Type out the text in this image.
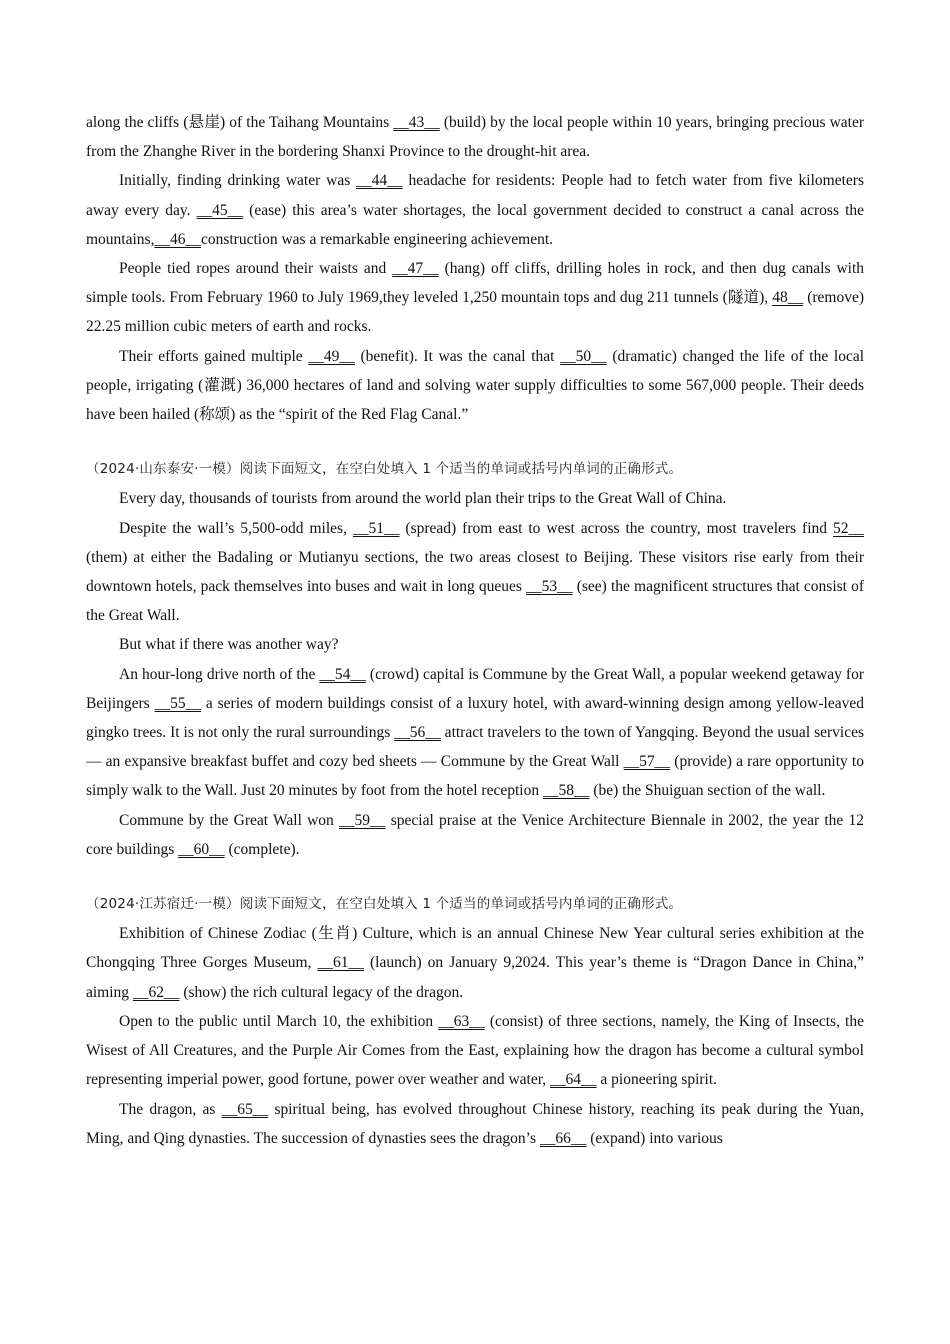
along the cliffs (悬崖) of the Taihang Mountains __43__ (build) by the local people within 10 years, bringing precious water from the Zhanghe River in the bordering Shanxi Province to the drought-hit area.

Initially, finding drinking water was __44__ headache for residents: People had to fetch water from five kilometers away every day. __45__ (ease) this area’s water shortages, the local government decided to construct a canal across the mountains,__46__construction was a remarkable engineering achievement.

People tied ropes around their waists and __47__ (hang) off cliffs, drilling holes in rock, and then dug canals with simple tools. From February 1960 to July 1969,they leveled 1,250 mountain tops and dug 211 tunnels (隧道), 48__ (remove) 22.25 million cubic meters of earth and rocks.

Their efforts gained multiple __49__ (benefit). It was the canal that __50__ (dramatic) changed the life of the local people, irrigating (灌溉) 36,000 hectares of land and solving water supply difficulties to some 567,000 people. Their deeds have been hailed (称颂) as the “spirit of the Red Flag Canal.”

（2024·山东泰安·一模）阅读下面短文，在空白处填入 1 个适当的单词或括号内单词的正确形式。

Every day, thousands of tourists from around the world plan their trips to the Great Wall of China.

Despite the wall’s 5,500-odd miles, __51__ (spread) from east to west across the country, most travelers find 52__ (them) at either the Badaling or Mutianyu sections, the two areas closest to Beijing. These visitors rise early from their downtown hotels, pack themselves into buses and wait in long queues __53__ (see) the magnificent structures that consist of the Great Wall.

But what if there was another way?

An hour-long drive north of the __54__ (crowd) capital is Commune by the Great Wall, a popular weekend getaway for Beijingers __55__ a series of modern buildings consist of a luxury hotel, with award-winning design among yellow-leaved gingko trees. It is not only the rural surroundings __56__ attract travelers to the town of Yangqing. Beyond the usual services — an expansive breakfast buffet and cozy bed sheets — Commune by the Great Wall __57__ (provide) a rare opportunity to simply walk to the Wall. Just 20 minutes by foot from the hotel reception __58__ (be) the Shuiguan section of the wall.

Commune by the Great Wall won __59__ special praise at the Venice Architecture Biennale in 2002, the year the 12 core buildings __60__ (complete).

（2024·江苏宿迁·一模）阅读下面短文，在空白处填入 1 个适当的单词或括号内单词的正确形式。

Exhibition of Chinese Zodiac (生肖) Culture, which is an annual Chinese New Year cultural series exhibition at the Chongqing Three Gorges Museum, __61__ (launch) on January 9,2024. This year’s theme is “Dragon Dance in China,” aiming __62__ (show) the rich cultural legacy of the dragon.

Open to the public until March 10, the exhibition __63__ (consist) of three sections, namely, the King of Insects, the Wisest of All Creatures, and the Purple Air Comes from the East, explaining how the dragon has become a cultural symbol representing imperial power, good fortune, power over weather and water, __64__ a pioneering spirit.

The dragon, as __65__ spiritual being, has evolved throughout Chinese history, reaching its peak during the Yuan, Ming, and Qing dynasties. The succession of dynasties sees the dragon’s __66__ (expand) into various
